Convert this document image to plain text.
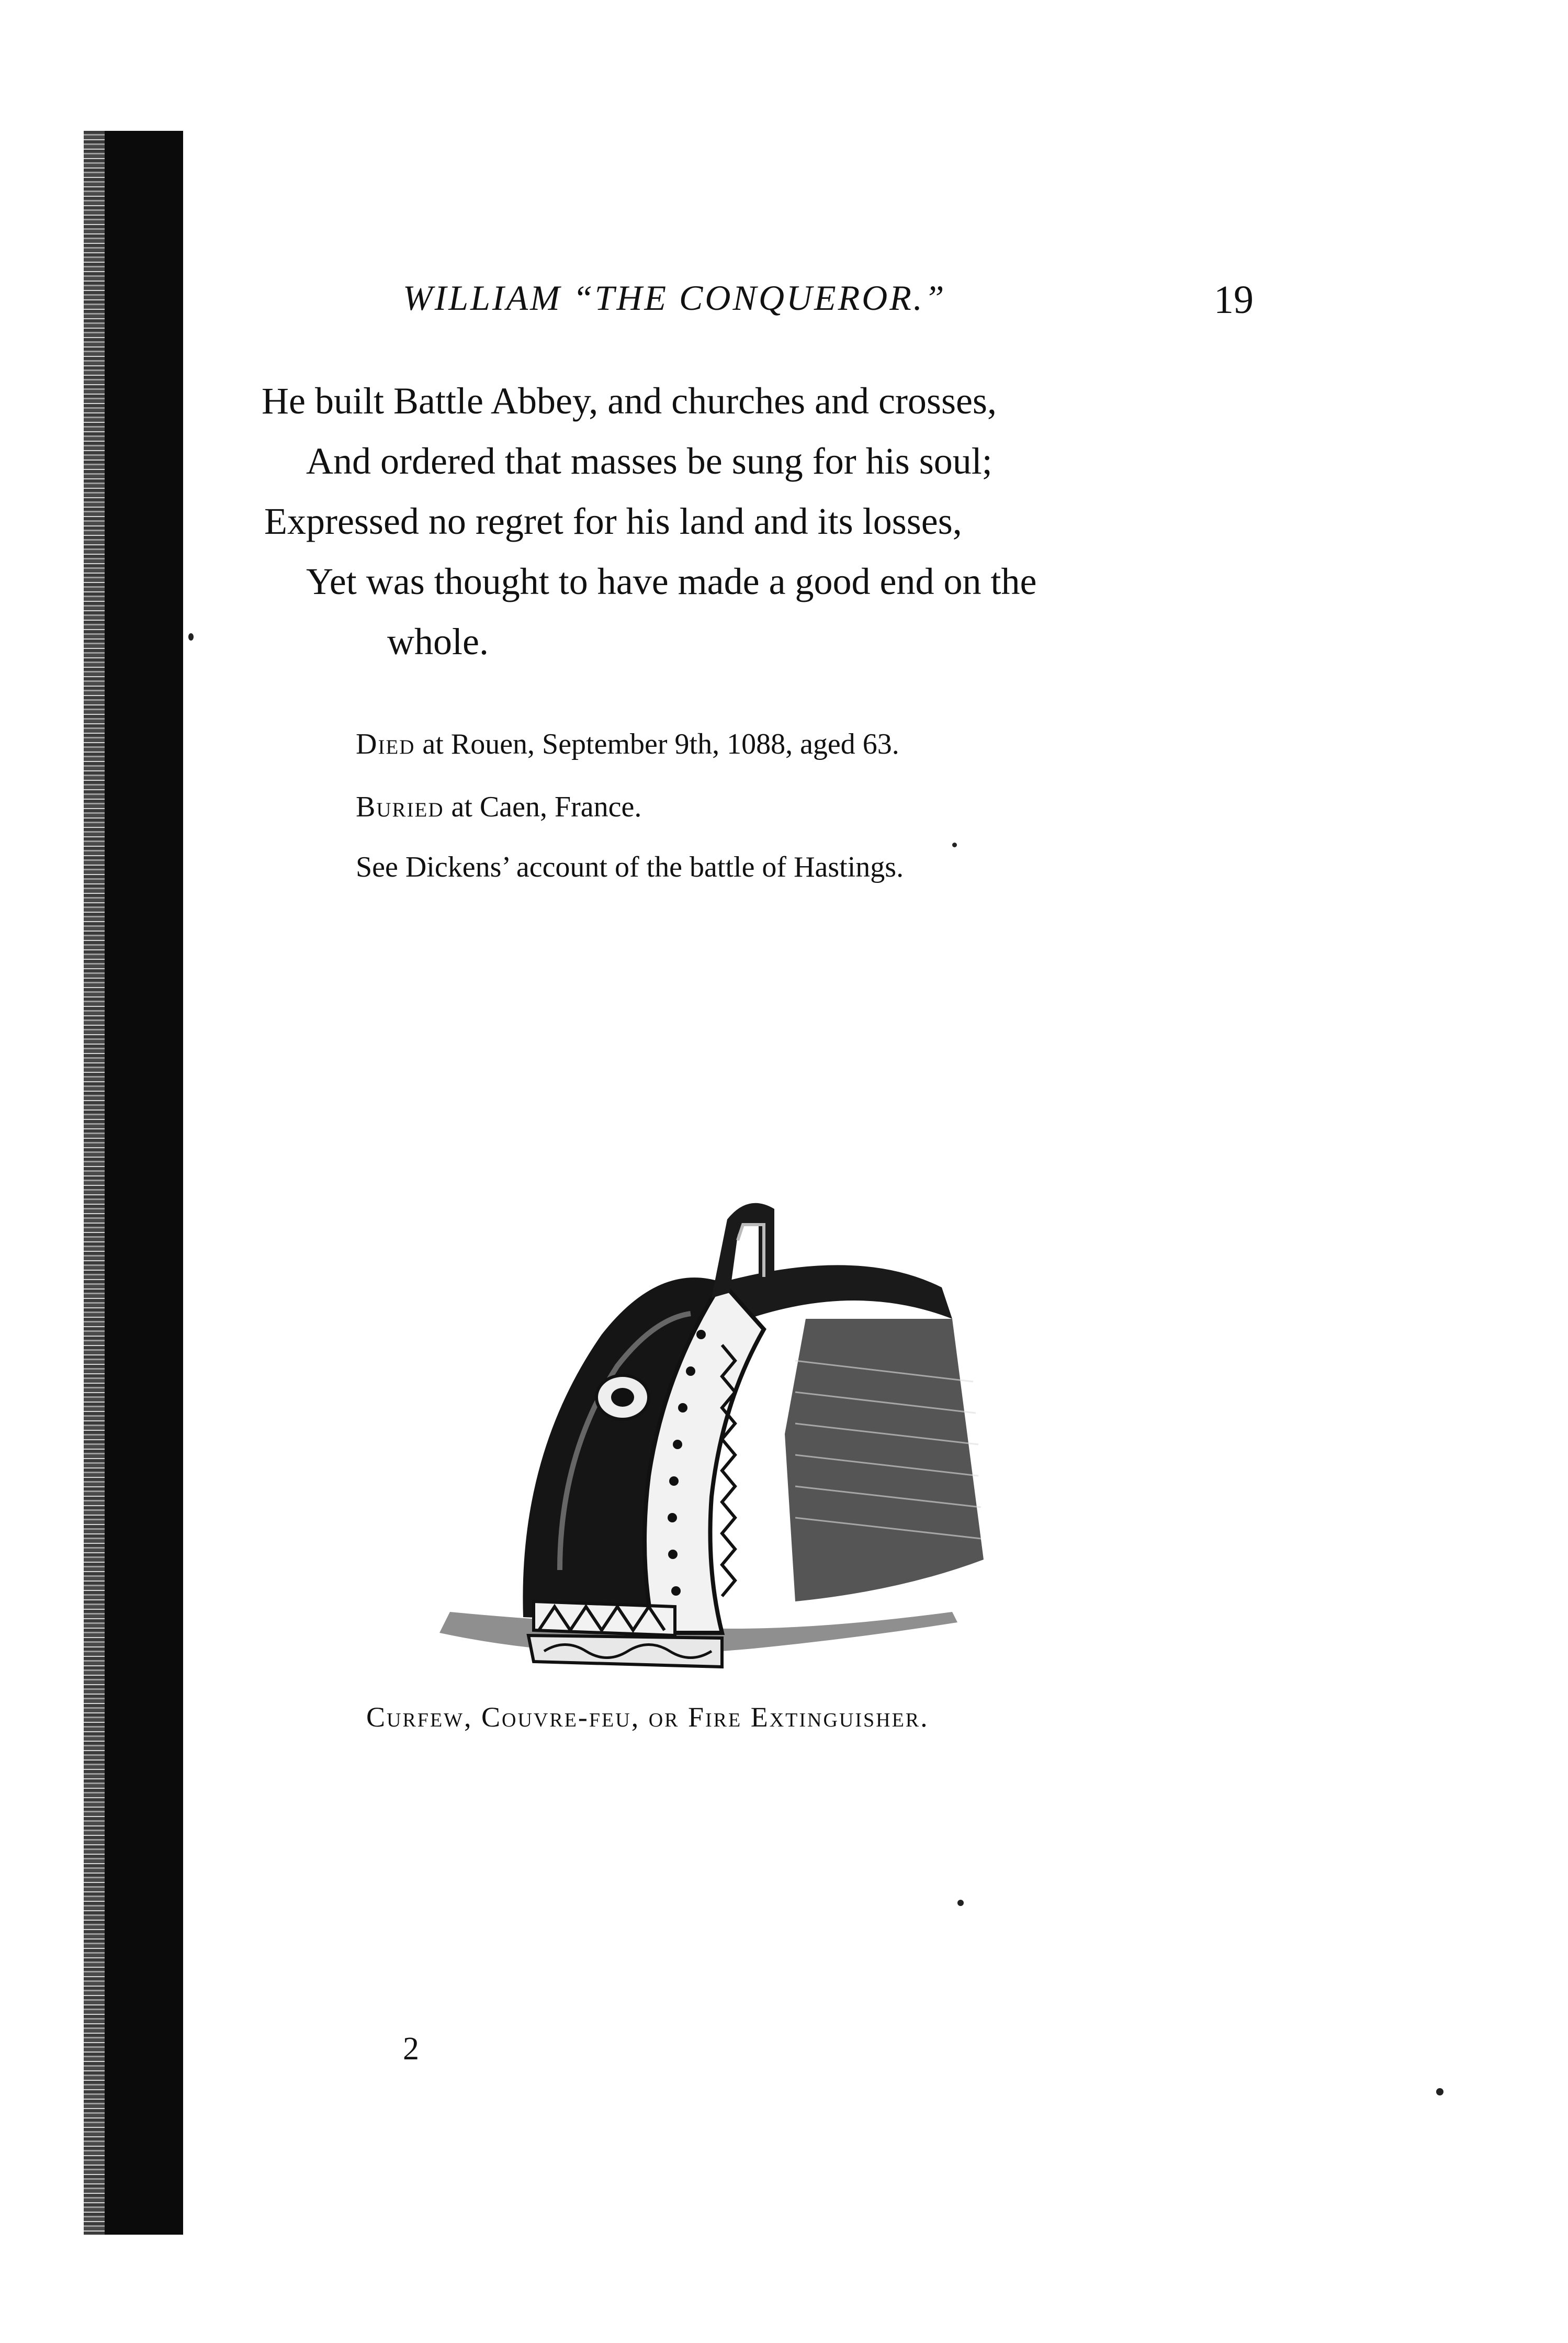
WILLIAM “THE CONQUEROR.”	19
He built Battle Abbey, and churches and crosses,
And ordered that masses be sung for his soul;
Expressed no regret for his land and its losses,
Yet was thought to have made a good end on the
whole.
Died at Rouen, September 9th, 1088, aged 63.
Buried at Caen, France.
See Dickens’ account of the battle of Hastings.
Curfew, Couvre-feu, or Fire Extinguisher.
2
